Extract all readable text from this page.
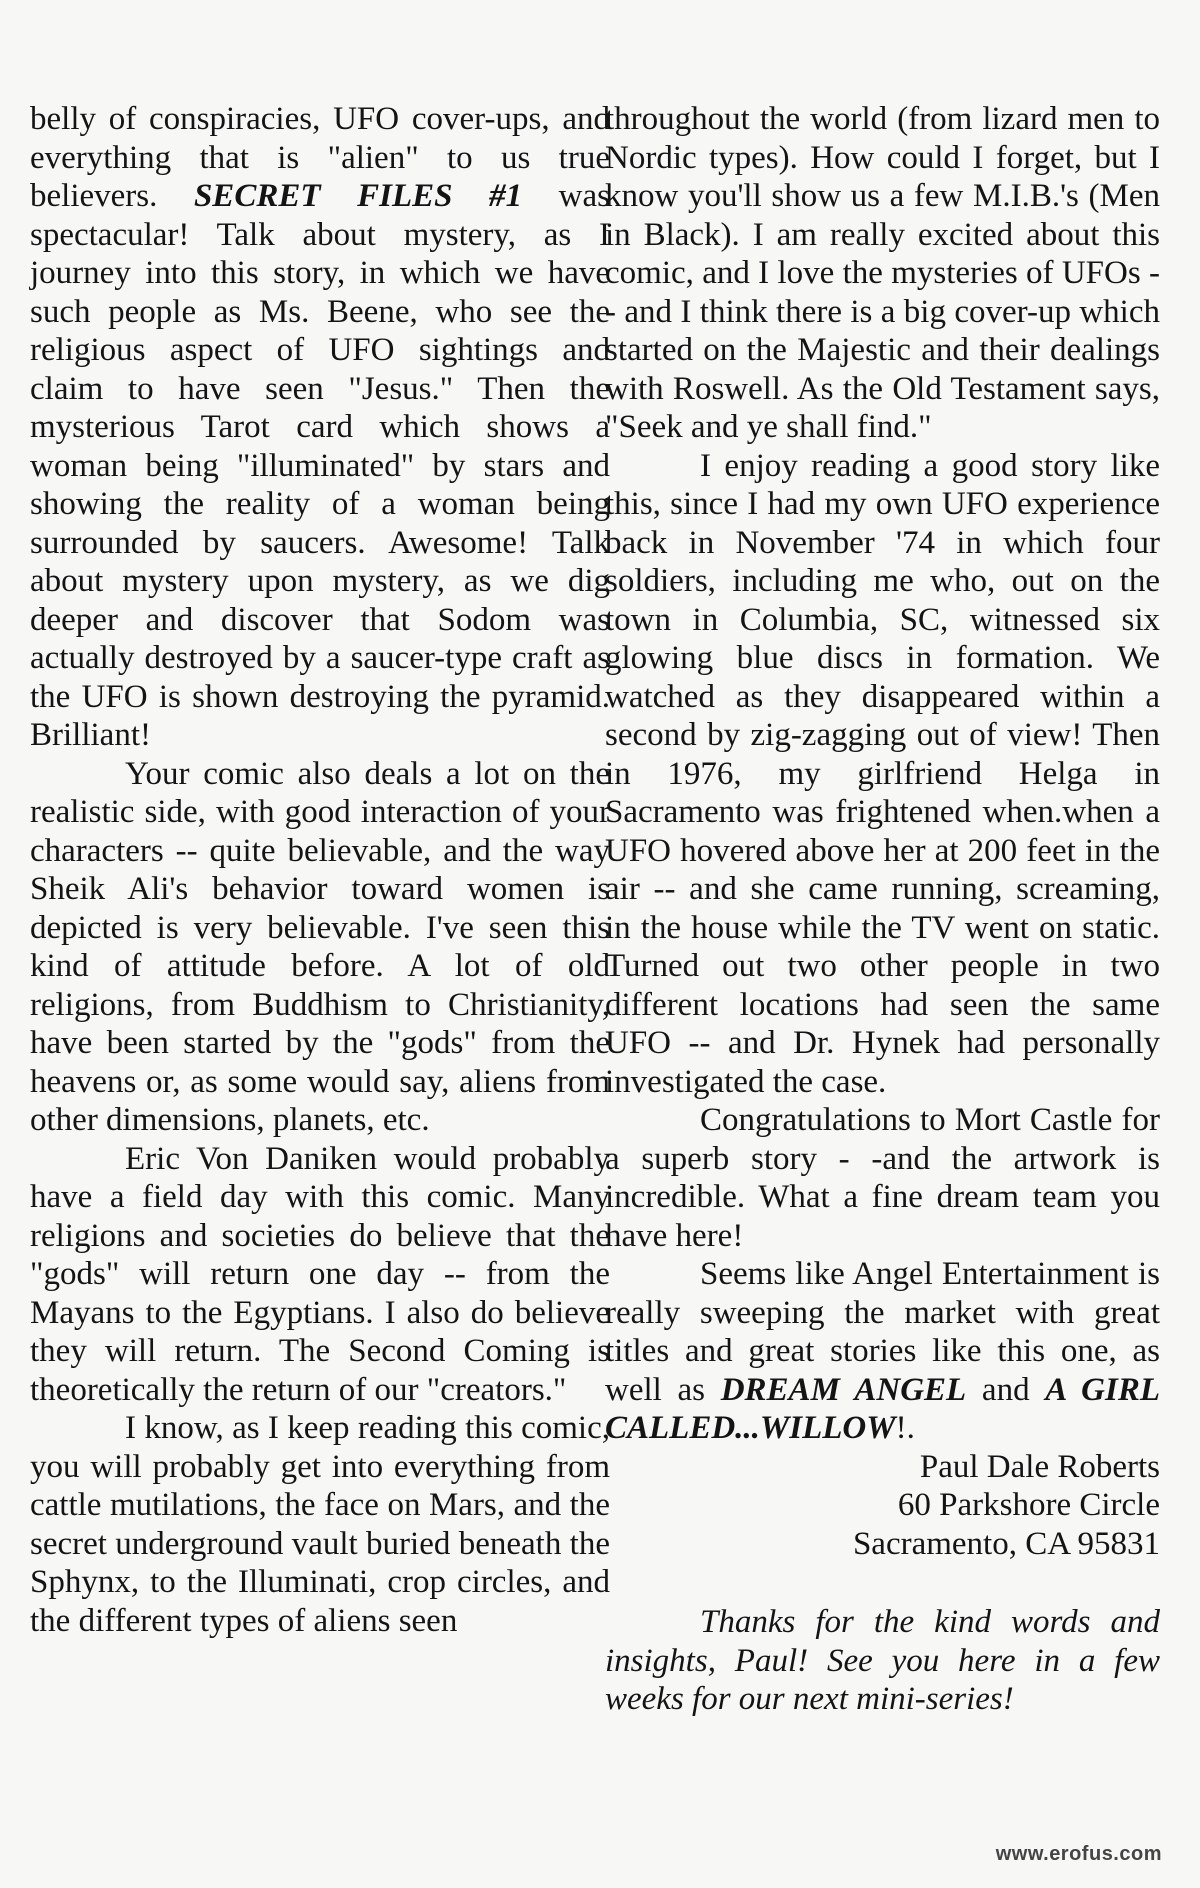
belly of conspiracies, UFO cover-ups, and everything that is "alien" to us true believers. SECRET FILES #1 was spectacular! Talk about mystery, as I journey into this story, in which we have such people as Ms. Beene, who see the religious aspect of UFO sightings and claim to have seen "Jesus." Then the mysterious Tarot card which shows a woman being "illuminated" by stars and showing the reality of a woman being surrounded by saucers. Awesome! Talk about mystery upon mystery, as we dig deeper and discover that Sodom was actually destroyed by a saucer-type craft as the UFO is shown destroying the pyramid. Brilliant!

Your comic also deals a lot on the realistic side, with good interaction of your characters -- quite believable, and the way Sheik Ali's behavior toward women is depicted is very believable. I've seen this kind of attitude before. A lot of old religions, from Buddhism to Christianity, have been started by the "gods" from the heavens or, as some would say, aliens from other dimensions, planets, etc.

Eric Von Daniken would probably have a field day with this comic. Many religions and societies do believe that the "gods" will return one day -- from the Mayans to the Egyptians. I also do believe they will return. The Second Coming is theoretically the return of our "creators."

I know, as I keep reading this comic, you will probably get into everything from cattle mutilations, the face on Mars, and the secret underground vault buried beneath the Sphynx, to the Illuminati, crop circles, and the different types of aliens seen

throughout the world (from lizard men to Nordic types). How could I forget, but I know you'll show us a few M.I.B.'s (Men in Black). I am really excited about this comic, and I love the mysteries of UFOs -- and I think there is a big cover-up which started on the Majestic and their dealings with Roswell. As the Old Testament says, "Seek and ye shall find."

I enjoy reading a good story like this, since I had my own UFO experience back in November '74 in which four soldiers, including me who, out on the town in Columbia, SC, witnessed six glowing blue discs in formation. We watched as they disappeared within a second by zig-zagging out of view! Then in 1976, my girlfriend Helga in Sacramento was frightened when.when a UFO hovered above her at 200 feet in the air -- and she came running, screaming, in the house while the TV went on static. Turned out two other people in two different locations had seen the same UFO -- and Dr. Hynek had personally investigated the case.

Congratulations to Mort Castle for a superb story - -and the artwork is incredible. What a fine dream team you have here!

Seems like Angel Entertainment is really sweeping the market with great titles and great stories like this one, as well as DREAM ANGEL and A GIRL CALLED...WILLOW!.

Paul Dale Roberts
60 Parkshore Circle
Sacramento, CA 95831

Thanks for the kind words and insights, Paul! See you here in a few weeks for our next mini-series!

www.erofus.com
